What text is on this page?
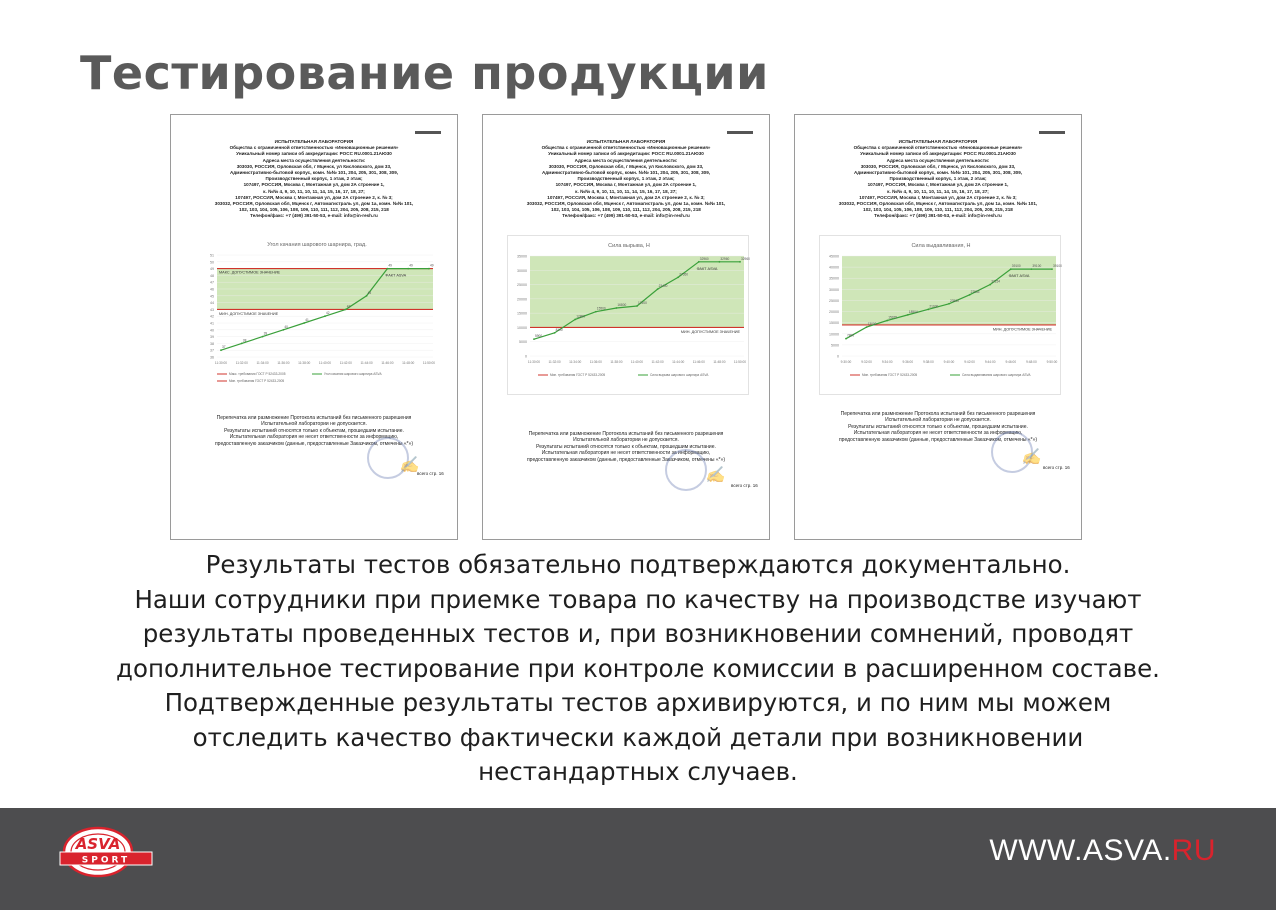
Тестирование продукции
ИСПЫТАТЕЛЬНАЯ ЛАБОРАТОРИЯ
Общества с ограниченной ответственностью «Инновационные решения»
Уникальный номер записи об аккредитации: РОСС RU.0001.21АЮ30
Адреса места осуществления деятельности:
303030, РОССИЯ, Орловская обл, г Мценск, ул Кисловского, дом 33,
Административно-бытовой корпус, комн. №№ 101, 204, 205, 301, 308, 309,
Производственный корпус, 1 этаж, 2 этаж;
107497, РОССИЯ, Москва г, Монтажная ул, дом 2А строение 1,
к. №№ 4, 9, 10, 11, 10, 11, 14, 15, 16, 17, 18, 27;
107497, РОССИЯ, Москва г, Монтажная ул, дом 2А строение 2, к. № 3;
303032, РОССИЯ, Орловская обл, Мценск г, Автомагистраль ул, дом 1а, комн. №№ 101,
102, 103, 104, 105, 106, 108, 109, 110, 111, 112, 204, 205, 208, 215, 218
Телефон/факс: +7 (499) 391-50-53, e-mail: info@in-resh.ru
Угол качания шарового шарнира, град.
36
37
38
39
40
41
42
43
44
45
46
47
48
49
50
51
МАКС. ДОПУСТИМОЕ ЗНАЧЕНИЕ
МИН. ДОПУСТИМОЕ ЗНАЧЕНИЕ
37
38
39
40
41
42
43
45
49	49	49
ФАКТ ASVA
11:30:00	11:32:00	11:34:00	11:36:00	11:38:00	11:40:00	11:42:00	11:44:00	11:46:00	11:48:00	11:50:00
Макс. требования ГОСТ Р 52433-2005	Угол качания шарового шарнира ASVA
Мин. требования ГОСТ Р 52433-2005
Перепечатка или размножение Протокола испытаний без письменного разрешения
Испытательной лаборатории не допускается.
Результаты испытаний относятся только к объектам, прошедшим испытание.
Испытательная лаборатория не несет ответственности за информацию,
предоставленную заказчиком (данные, предоставленные Заказчиком, отмечены «*»)
✍
всего стр. 16
ИСПЫТАТЕЛЬНАЯ ЛАБОРАТОРИЯ
Общества с ограниченной ответственностью «Инновационные решения»
Уникальный номер записи об аккредитации: РОСС RU.0001.21АЮ30
Адреса места осуществления деятельности:
303030, РОССИЯ, Орловская обл, г Мценск, ул Кисловского, дом 33,
Административно-бытовой корпус, комн. №№ 101, 204, 205, 301, 308, 309,
Производственный корпус, 1 этаж, 2 этаж;
107497, РОССИЯ, Москва г, Монтажная ул, дом 2А строение 1,
к. №№ 4, 9, 10, 11, 10, 11, 14, 15, 16, 17, 18, 27;
107497, РОССИЯ, Москва г, Монтажная ул, дом 2А строение 2, к. № 3;
303032, РОССИЯ, Орловская обл, Мценск г, Автомагистраль ул, дом 1а, комн. №№ 101,
102, 103, 104, 105, 106, 108, 109, 110, 111, 112, 204, 205, 208, 215, 218
Телефон/факс: +7 (499) 391-50-53, e-mail: info@in-resh.ru
Сила вырыва, Н
0
5000
10000
15000
20000
25000
30000
35000
МИН. ДОПУСТИМОЕ ЗНАЧЕНИЕ
5900
8100
12800
15500
16800	17500
23400
27550
32960	32960	32960
ФАКТ ASVA
11:30:00	11:32:00	11:34:00	11:36:00	11:38:00	11:40:00	11:42:00	11:44:00	11:46:00	11:48:00	11:50:00
Мин. требования ГОСТ Р 52433-2005	Сила вырыва шарового шарнира ASVA
Перепечатка или размножение Протокола испытаний без письменного разрешения
Испытательной лаборатории не допускается.
Результаты испытаний относятся только к объектам, прошедшим испытание.
Испытательная лаборатория не несет ответственности за информацию,
предоставленную заказчиком (данные, предоставленные Заказчиком, отмечены «*»)
✍
всего стр. 16
ИСПЫТАТЕЛЬНАЯ ЛАБОРАТОРИЯ
Общества с ограниченной ответственностью «Инновационные решения»
Уникальный номер записи об аккредитации: РОСС RU.0001.21АЮ30
Адреса места осуществления деятельности:
303030, РОССИЯ, Орловская обл, г Мценск, ул Кисловского, дом 33,
Административно-бытовой корпус, комн. №№ 101, 204, 205, 301, 308, 309,
Производственный корпус, 1 этаж, 2 этаж;
107497, РОССИЯ, Москва г, Монтажная ул, дом 2А строение 1,
к. №№ 4, 9, 10, 11, 10, 11, 14, 15, 16, 17, 18, 27;
107497, РОССИЯ, Москва г, Монтажная ул, дом 2А строение 2, к. № 3;
303032, РОССИЯ, Орловская обл, Мценск г, Автомагистраль ул, дом 1а, комн. №№ 101,
102, 103, 104, 105, 106, 108, 109, 110, 111, 112, 204, 205, 208, 215, 218
Телефон/факс: +7 (499) 391-50-53, e-mail: info@in-resh.ru
Сила выдавливания, Н
0
5000
10000
15000
20000
25000
30000
35000
40000
45000
МИН. ДОПУСТИМОЕ ЗНАЧЕНИЕ
7800
13000
15975
18504
21000
23500
27533
32154
39100	39100	39100
ФАКТ ASVA
9:30:00	9:32:00	9:34:00	9:36:00	9:38:00	9:40:00	9:42:00	9:44:00	9:46:00	9:48:00	9:50:00
Мин. требования ГОСТ Р 52433-2005	Сила выдавливания шарового шарнира ASVA
Перепечатка или размножение Протокола испытаний без письменного разрешения
Испытательной лаборатории не допускается.
Результаты испытаний относятся только к объектам, прошедшим испытание.
Испытательная лаборатория не несет ответственности за информацию,
предоставленную заказчиком (данные, предоставленные Заказчиком, отмечены «*»)
✍
всего стр. 16
Результаты тестов обязательно подтверждаются документально.
Наши сотрудники при приемке товара по качеству на производстве изучают
результаты проведенных тестов и, при возникновении сомнений, проводят
дополнительное тестирование при контроле комиссии в расширенном составе.
Подтвержденные результаты тестов архивируются, и по ним мы можем
отследить качество фактически каждой детали при возникновении
нестандартных случаев.
ASVA
SPORT	WWW.ASVA.RU
